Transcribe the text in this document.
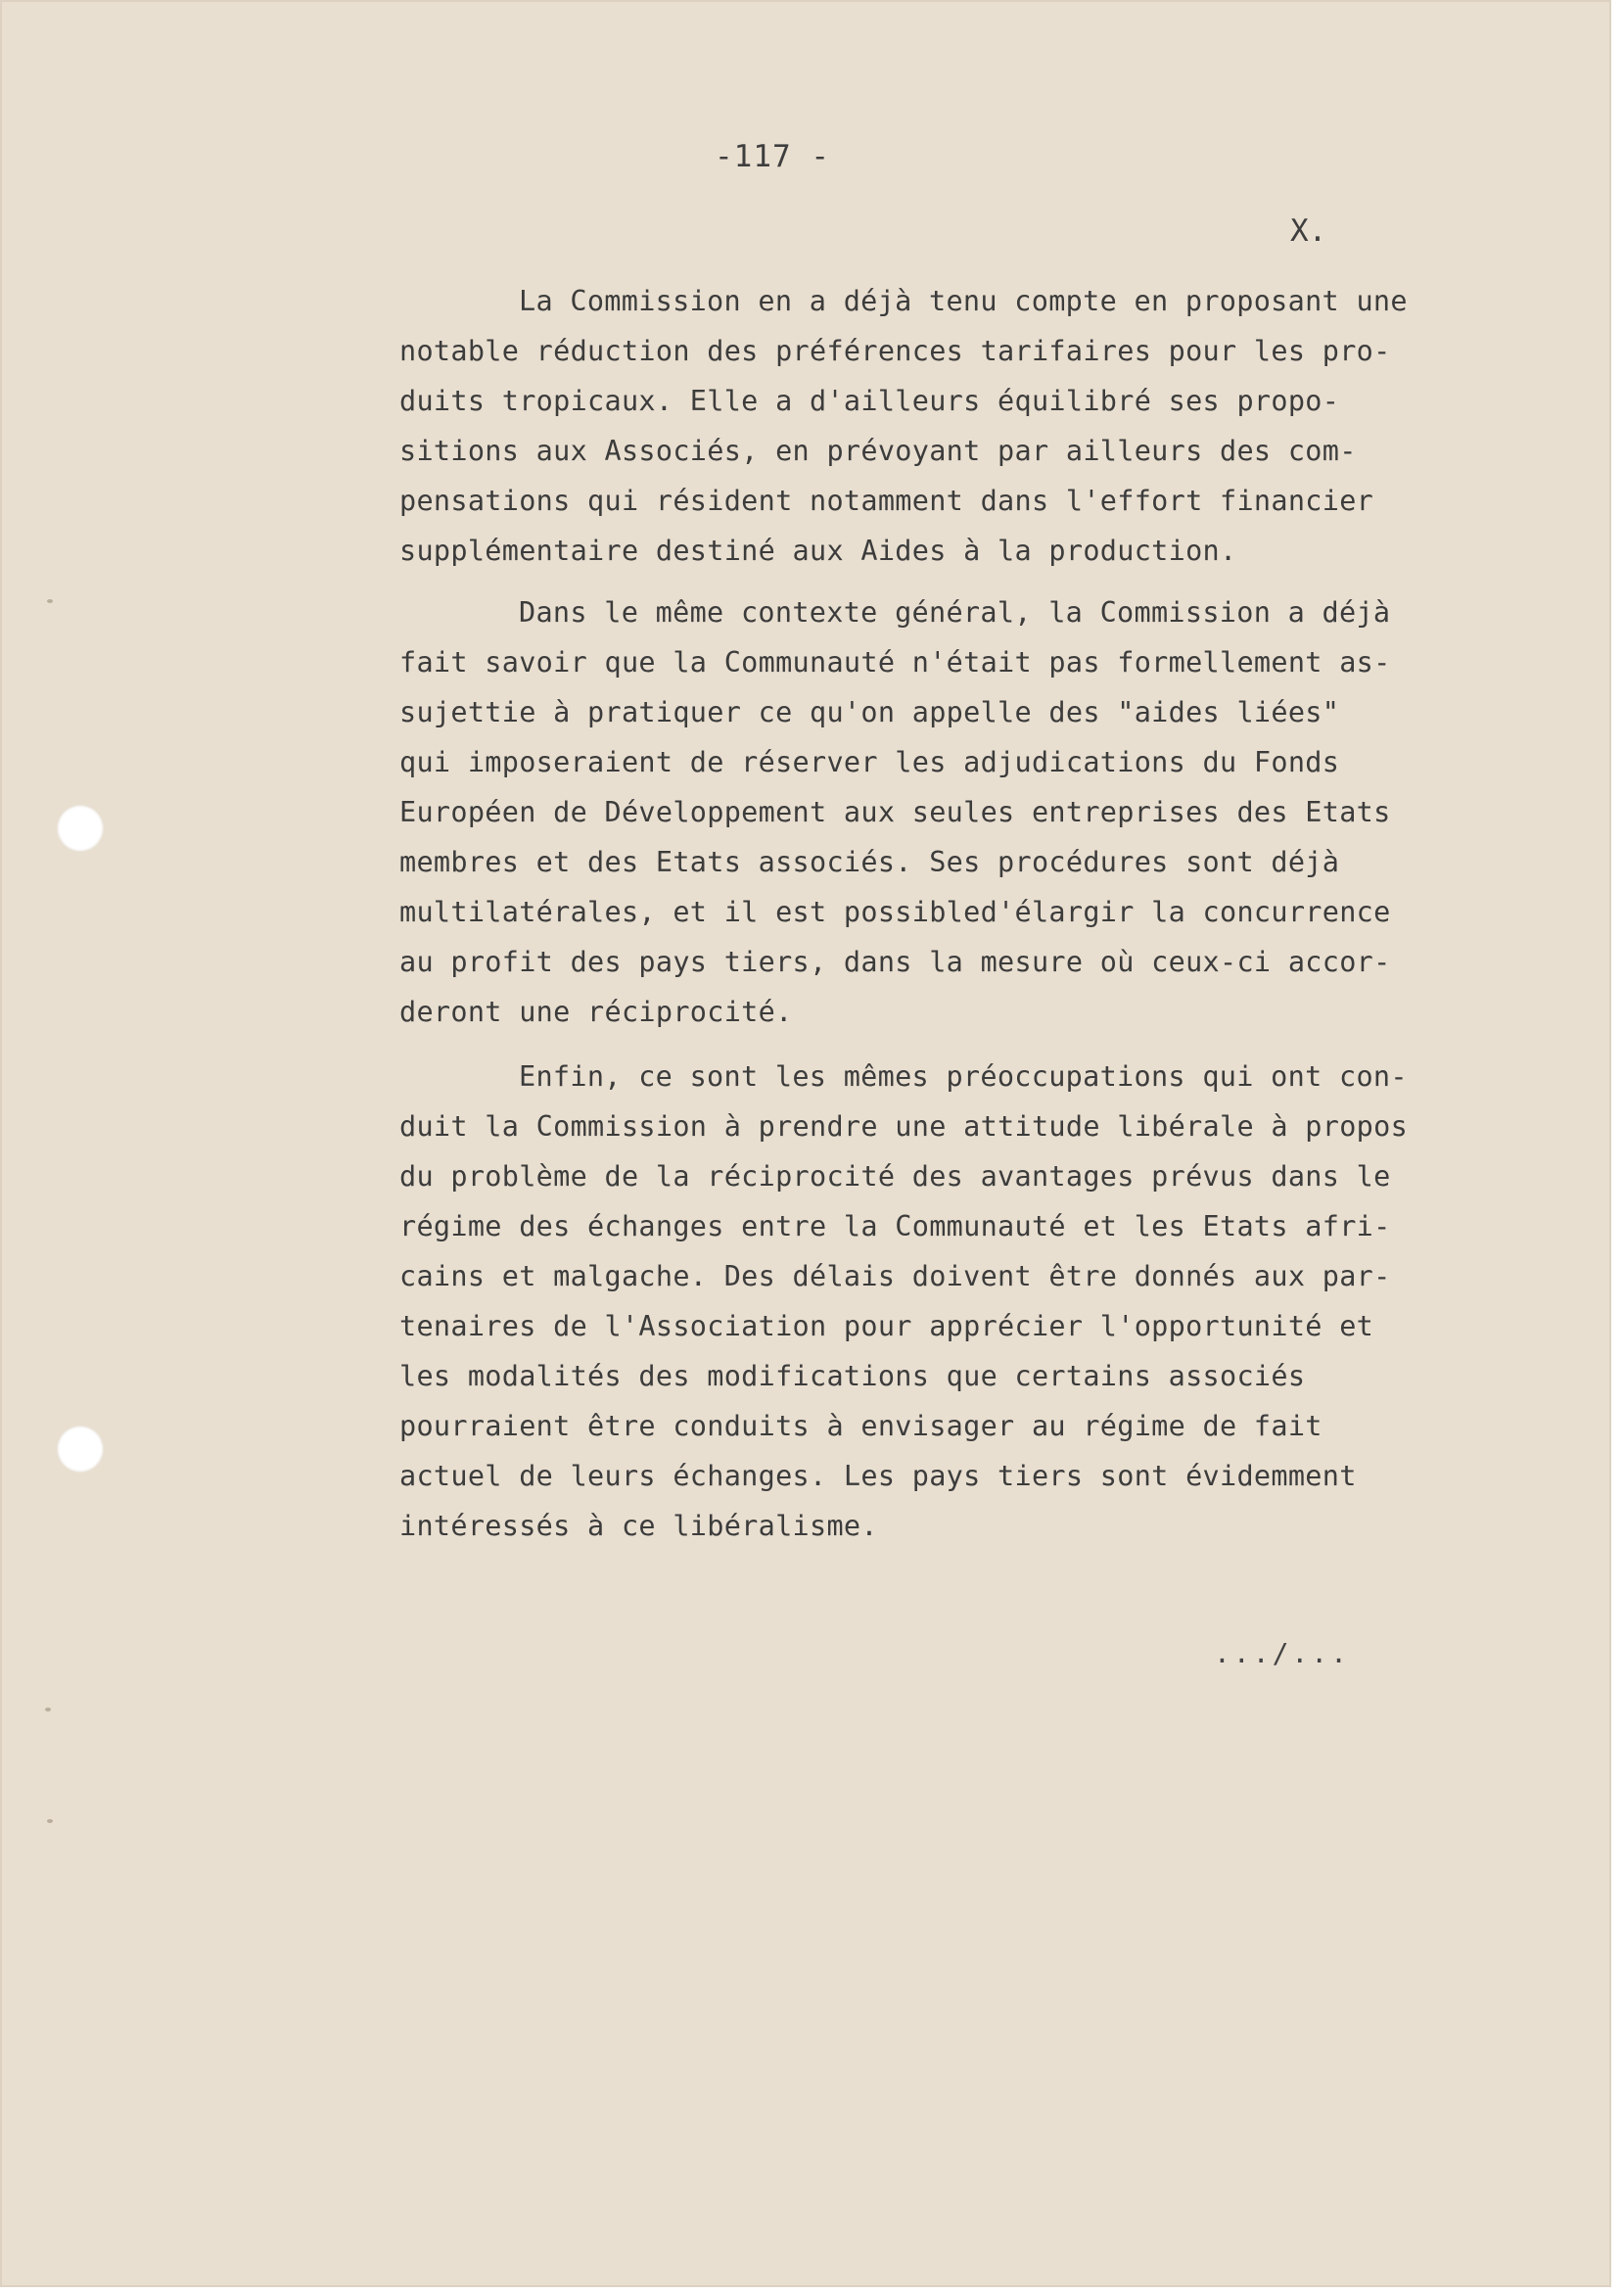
-117 -
X.
La Commission en a déjà tenu compte en proposant une
notable réduction des préférences tarifaires pour les pro-
duits tropicaux. Elle a d'ailleurs équilibré ses propo-
sitions aux Associés, en prévoyant par ailleurs des com-
pensations qui résident notamment dans l'effort financier
supplémentaire destiné aux Aides à la production.
Dans le même contexte général, la Commission a déjà
fait savoir que la Communauté n'était pas formellement as-
sujettie à pratiquer ce qu'on appelle des "aides liées"
qui imposeraient de réserver les adjudications du Fonds
Européen de Développement aux seules entreprises des Etats
membres et des Etats associés. Ses procédures sont déjà
multilatérales, et il est possibled'élargir la concurrence
au profit des pays tiers, dans la mesure où ceux-ci accor-
deront une réciprocité.
Enfin, ce sont les mêmes préoccupations qui ont con-
duit la Commission à prendre une attitude libérale à propos
du problème de la réciprocité des avantages prévus dans le
régime des échanges entre la Communauté et les Etats afri-
cains et malgache. Des délais doivent être donnés aux par-
tenaires de l'Association pour apprécier l'opportunité et
les modalités des modifications que certains associés
pourraient être conduits à envisager au régime de fait
actuel de leurs échanges. Les pays tiers sont évidemment
intéressés à ce libéralisme.
.../...
